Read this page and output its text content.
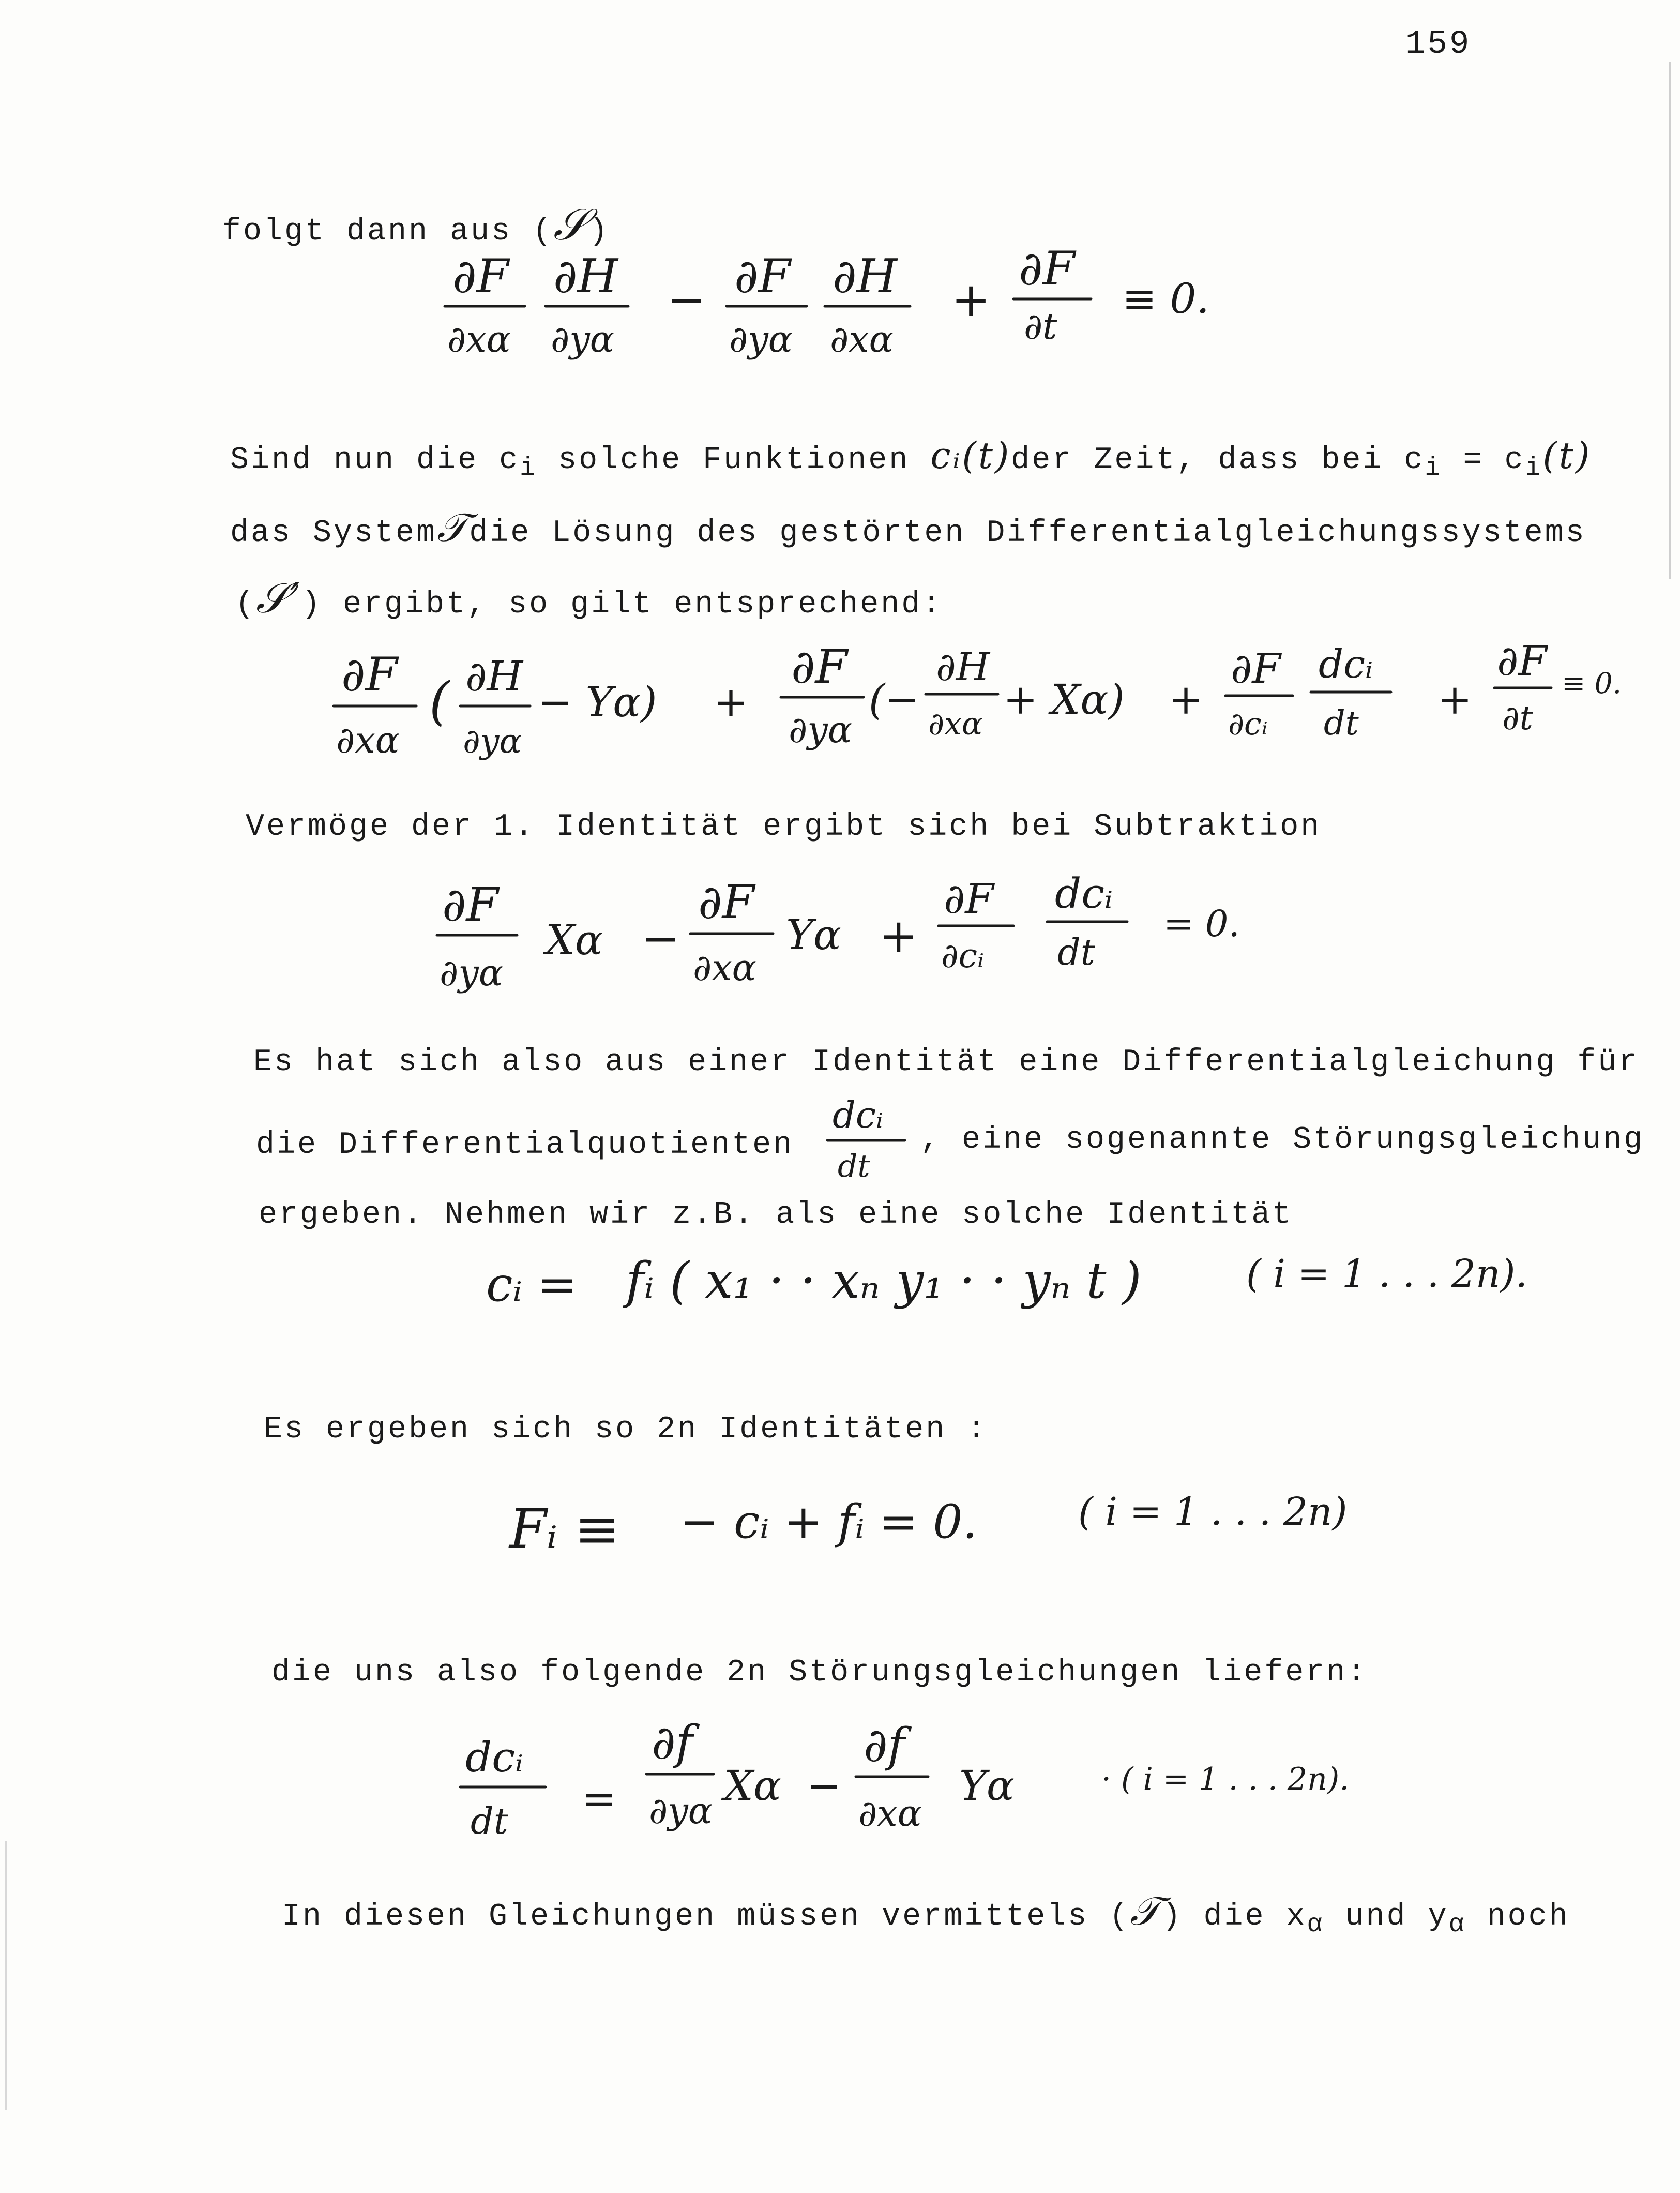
159
folgt dann aus (𝒮)
∂F
∂xα
∂H
∂yα
− ∂F
∂yα
∂H
∂xα
+
∂F
∂t
≡ 0.
Sind nun die $c_i$ solche Funktionen cᵢ(t)der Zeit, dass bei $c_i = c_i(t)$
das System𝒯die Lösung des gestörten Differentialgleichungssystems
(𝒮′) ergibt, so gilt entsprechend:
∂F
∂xα
( ∂H
∂yα
− Yα) +
∂F
∂yα
(−
∂H
∂xα
+ Xα) +
∂F
∂cᵢ
dcᵢ
dt +
∂F
∂t
≡ 0.
Vermöge der 1. Identität ergibt sich bei Subtraktion
∂F
∂yα
Xα −
∂F
∂xα
Yα +
∂F
∂cᵢ
dcᵢ
dt
= 0.
Es hat sich also aus einer Identität eine Differentialgleichung für
die Differentialquotienten
dcᵢ
dt
, eine sogenannte Störungsgleichung
ergeben. Nehmen wir z.B. als eine solche Identität
cᵢ = fᵢ ( x₁ · · xₙ y₁ · · yₙ t )	( i = 1 . . . 2n).
Es ergeben sich so 2n Identitäten :
Fᵢ ≡ − cᵢ + fᵢ = 0.	( i = 1 . . . 2n)
die uns also folgende 2n Störungsgleichungen liefern:
dcᵢ
dt =
∂f
∂yα
Xα −
∂f
∂xα
Yα	· ( i = 1 . . . 2n).
In diesen Gleichungen müssen vermittels (𝒯) die $x_\alpha$ und $y_\alpha$ noch
